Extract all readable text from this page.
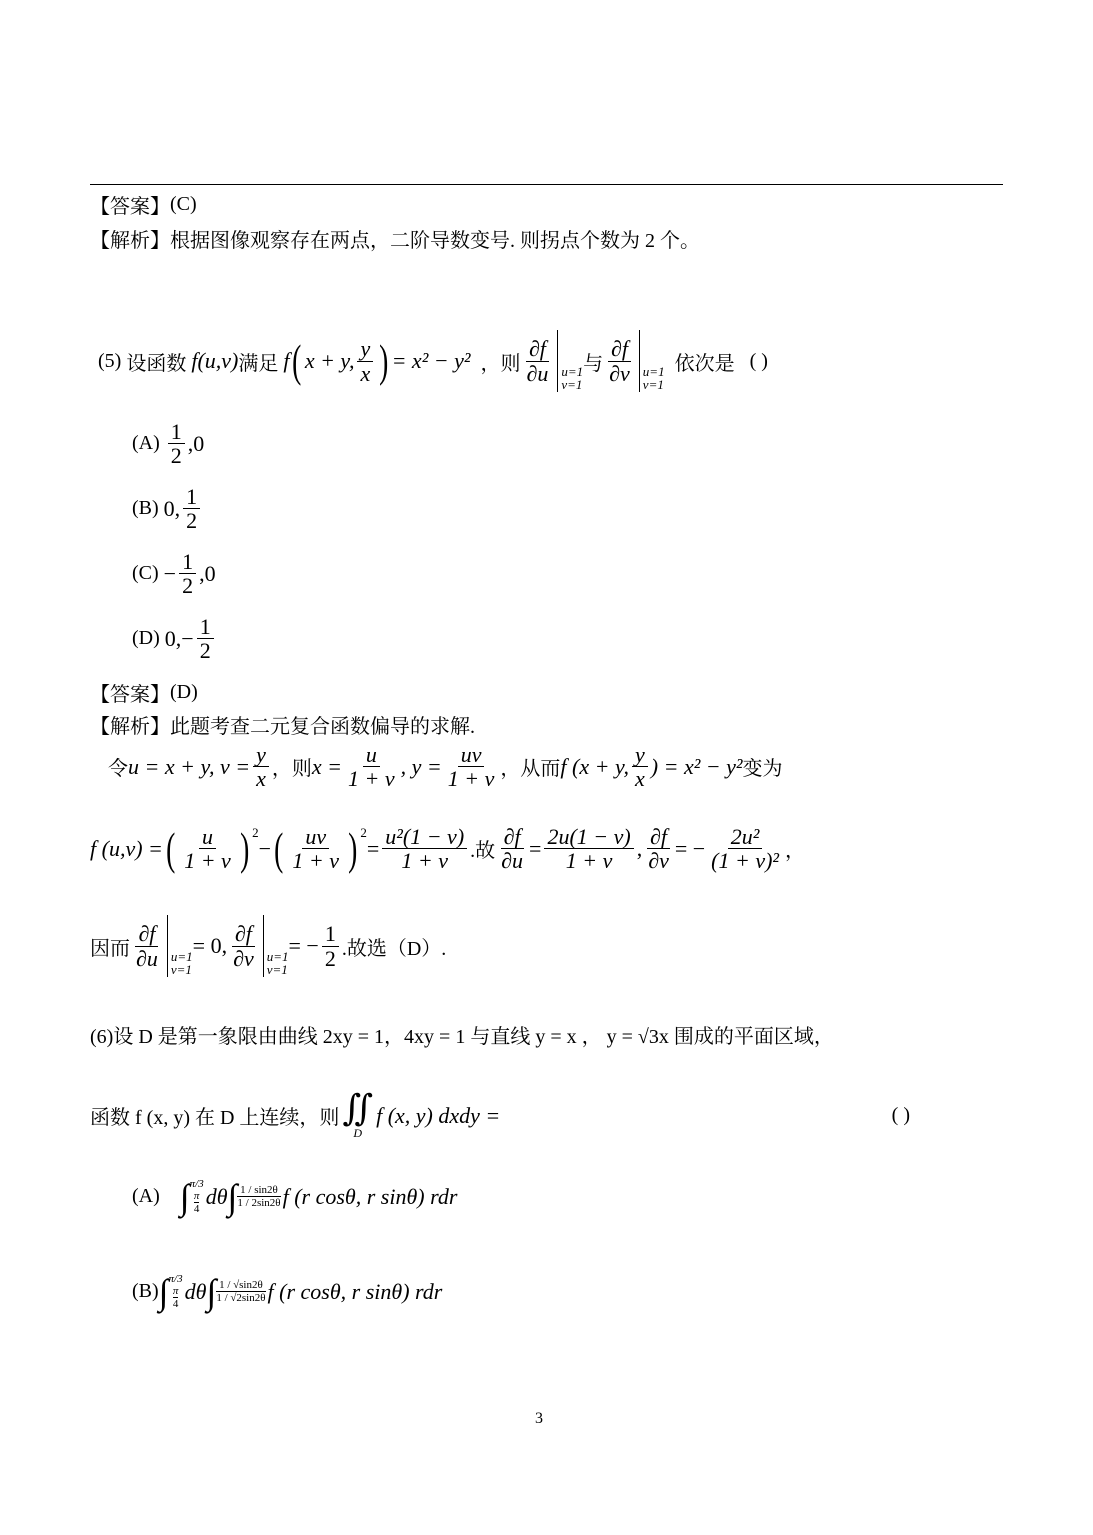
【答案】 (C)
【解析】 根据图像观察存在两点，二阶导数变号. 则拐点个数为 2 个。
(5)
设函数
f(u,v) 满足
f ( x + y, $\frac{y}{x}$ ) = x² − y²
，则 $\frac{\partial f}{\partial u} u=1$
v=1
与 $\frac{\partial f}{\partial v} u=1$
v=1

依次是
( )
(A)
$\frac{1}{2} ,0$
(B)
0, $\frac{1}{2}$
(C)
− $\frac{1}{2} ,0$
(D)
$0,- \frac{1}{2}$
【答案】 (D)
【解析】 此题考查二元复合函数偏导的求解.
令 u = x + y, $v = \frac{y}{x}$ ，则 $x = \frac{u}{1 + v}$ , $y = \frac{uv}{1 + v}$ ，从而 f (x + y, $\frac{y}{x}$ ) = x² − y² 变为
f (u,v) = ( $\frac{u}{1 + v}$ ) 2
− ( $\frac{uv}{1 + v}$ ) 2
= $\frac{\text{u²(1 − v)}}{1 + v}$ .故 $\frac{\partial f}{\partial u} = \frac{2u(1 - v)}{1 + v}$ , $\frac{\partial f}{\partial v}$ = − $\frac{\text{2u²}}{\text{(1 + v)²}}$ ，
因而 $\frac{\partial f}{\partial u} u=1$
v=1
= 0, $\frac{\partial f}{\partial v} u=1$
v=1
= − $\frac{1}{2}$ .故选（D）.
(6)设 D 是第一象限由曲线 2xy = 1，4xy = 1 与直线 y = x ， y = √3x 围成的平面区域，
函数 f (x, y) 在 D 上连续，则 ∬
D
f (x, y) dxdy =	( )
(A)
∫ π/3
$\frac{\pi}{4}$ dθ ∫ 1 / sin2θ
1 / 2sin2θ f (r cosθ, r sinθ) rdr
(B) ∫ π/3
$\frac{\pi}{4}$ dθ ∫ 1 / √sin2θ
1 / √2sin2θ f (r cosθ, r sinθ) rdr
3
